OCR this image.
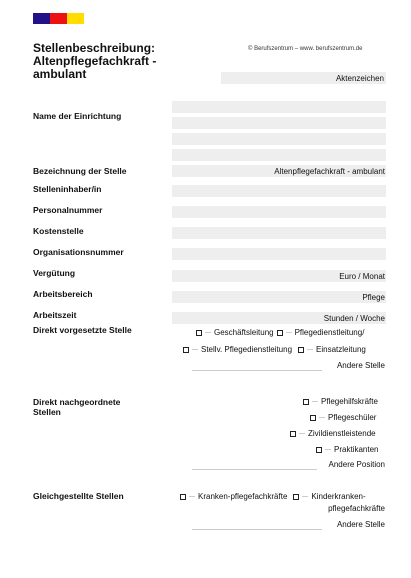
Stellenbeschreibung:
Altenpflegefachkraft -
ambulant
© Berufszentrum – www. berufszentrum.de
Aktenzeichen
Name der Einrichtung
Bezeichnung der Stelle	Altenpflegefachkraft - ambulant
Stelleninhaber/in
Personalnummer
Kostenstelle
Organisationsnummer
Vergütung	Euro / Monat
Arbeitsbereich	Pflege
Arbeitszeit	Stunden / Woche
Direkt vorgesetzte Stelle	Geschäftsleitung	Pflegedienstleitung/
Stellv. Pflegedienstleitung	Einsatzleitung
Andere Stelle
Direkt nachgeordnete
Stellen
Pflegehilfskräfte
Pflegeschüler
Zivildienstleistende
Praktikanten
Andere Position
Gleichgestellte Stellen	Kranken-pflegefachkräfte	Kinderkranken-
pflegefachkräfte
Andere Stelle
